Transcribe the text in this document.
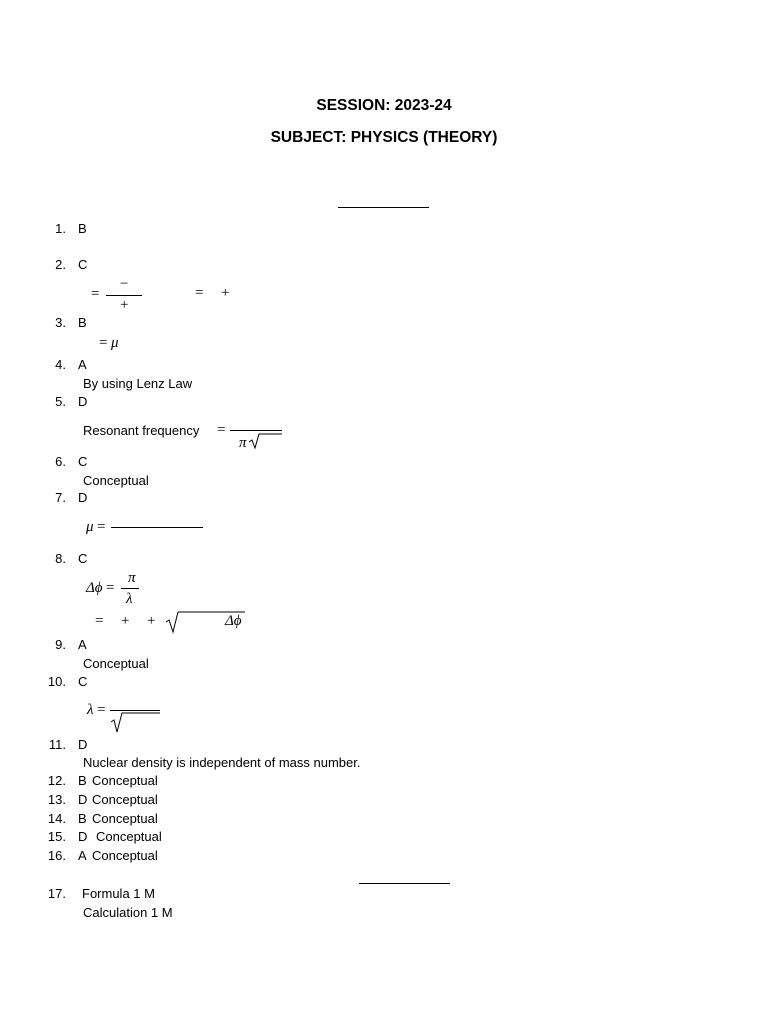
SESSION: 2023-24
SUBJECT: PHYSICS (THEORY)
1. B
2. C
=
−
+
= +
3. B
= μ
4. A
By using Lenz Law
5. D
Resonant frequency =
π
6. C
Conceptual
7. D
μ =
8. C
Δϕ =
π
λ
= + +	Δϕ
9. A
Conceptual
10. C
λ =
11. D
Nuclear density is independent of mass number.
12. B Conceptual
13. D Conceptual
14. B Conceptual
15. D Conceptual
16. A Conceptual
17. Formula 1 M
Calculation 1 M
